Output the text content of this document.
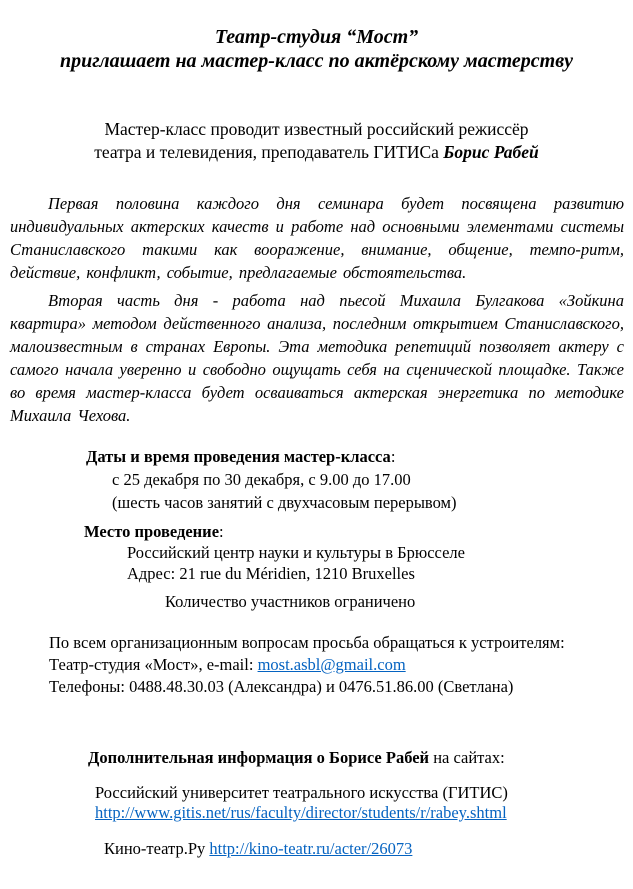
Театр-студия “Мост”
приглашает на мастер-класс по актёрскому мастерству
Мастер-класс проводит известный российский режиссёр
театра и телевидения, преподаватель ГИТИСа Борис Рабей

Первая половина каждого дня семинара будет посвящена развитию индивидуальных актерских качеств и работе над основными элементами системы Станиславского такими как вооражение, внимание, общение, темпо-ритм, действие, конфликт, событие, предлагаемые обстоятельства.

Вторая часть дня - работа над пьесой Михаила Булгакова «Зойкина квартира» методом действенного анализа, последним открытием Станиславского, малоизвестным в странах Европы. Эта методика репетиций позволяет актеру с самого начала уверенно и свободно ощущать себя на сценической площадке. Также во время мастер-класса будет осваиваться актерская энергетика по методике Михаила Чехова.

Даты и время проведения мастер-класса:
с 25 декабря по 30 декабря, с 9.00 до 17.00
(шесть часов занятий с двухчасовым перерывом)
Место проведение:
Российский центр науки и культуры в Брюсселе
Адрес: 21 rue du Méridien, 1210 Bruxelles
Количество участников ограничено
По всем организационным вопросам просьба обращаться к устроителям:
Театр-студия «Мост», e-mail: most.asbl@gmail.com
Телефоны: 0488.48.30.03 (Александра) и 0476.51.86.00 (Светлана)
Дополнительная информация о Борисе Рабей на сайтах:
Российский университет театрального искусства (ГИТИС)
http://www.gitis.net/rus/faculty/director/students/r/rabey.shtml
Кино-театр.Ру http://kino-teatr.ru/acter/26073
